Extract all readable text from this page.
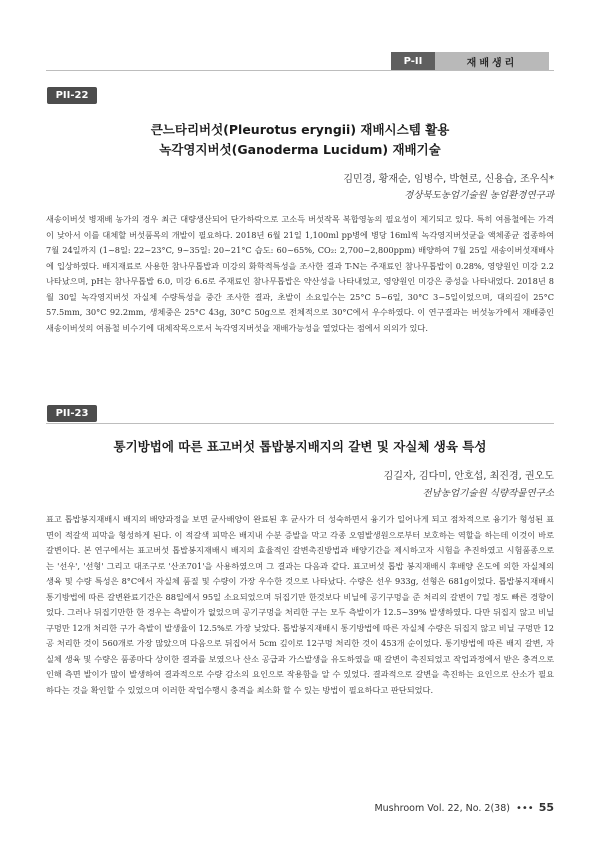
P-II	재배생리
PII-22
큰느타리버섯(Pleurotus eryngii) 재배시스템 활용
녹각영지버섯(Ganoderma Lucidum) 재배기술
김민경, 황재순, 임병수, 박현로, 신용습, 조우식*
경상북도농업기술원 농업환경연구과

새송이버섯 병재배 농가의 경우 최근 대량생산되어 단가하락으로 고소득 버섯작목 복합영농의 필요성이 제기되고 있다. 특히 여름철에는 가격이 낮아서 이를 대체할 버섯품목의 개발이 필요하다. 2018년 6월 21일 1,100ml pp병에 병당 16ml씩 녹각영지버섯균을 액체종균 접종하여 7월 24일까지 (1~8일: 22~23°C, 9~35일: 20~21°C 습도: 60~65%, CO₂: 2,700~2,800ppm) 배양하여 7월 25일 새송이버섯재배사에 입상하였다. 배지재료로 사용한 참나무톱밥과 미강의 화학적특성을 조사한 결과 T-N는 주재료인 참나무톱밥이 0.28%, 영양원인 미강 2.2 나타났으며, pH는 참나무톱밥 6.0, 미강 6.6로 주재료인 참나무톱밥은 약산성을 나타내었고, 영양원인 미강은 중성을 나타내었다. 2018년 8월 30일 녹각영지버섯 자실체 수량특성을 중간 조사한 결과, 초발이 소요일수는 25°C 5~6일, 30°C 3~5일이었으며, 대의길이 25°C 57.5mm, 30°C 92.2mm, 생체중은 25°C 43g, 30°C 50g으로 전체적으로 30°C에서 우수하였다. 이 연구결과는 버섯농가에서 재배중인 새송이버섯의 여름철 비수기에 대체작목으로서 녹각영지버섯을 재배가능성을 열었다는 점에서 의의가 있다.

PII-23
통기방법에 따른 표고버섯 톱밥봉지배지의 갈변 및 자실체 생육 특성
김길자, 김다미, 안호섭, 최진경, 권오도
전남농업기술원 식량작물연구소

표고 톱밥봉지재배시 배지의 배양과정을 보면 균사배양이 완료된 후 균사가 더 성숙하면서 융기가 일어나게 되고 점차적으로 융기가 형성된 표면이 적갈색 피막을 형성하게 된다. 이 적갈색 피막은 배지내 수분 증발을 막고 각종 오염발생원으로부터 보호하는 역할을 하는데 이것이 바로 갈변이다. 본 연구에서는 표고버섯 톱밥봉지재배시 배지의 효율적인 갈변촉진방법과 배양기간을 제시하고자 시험을 추진하였고 시험품종으로는 '선우', '선형' 그리고 대조구로 '산조701'을 사용하였으며 그 결과는 다음과 같다. 표고버섯 톱밥 봉지재배시 후배양 온도에 의한 자실체의 생육 및 수량 특성은 8°C에서 자실체 품질 및 수량이 가장 우수한 것으로 나타났다. 수량은 선우 933g, 선형은 681g이었다. 톱밥봉지재배시 통기방법에 따른 갈변완료기간은 88일에서 95일 소요되었으며 뒤집기만 한것보다 비닐에 공기구멍을 준 처리의 갈변이 7일 정도 빠른 경향이었다. 그러나 뒤집기만한 한 경우는 측발이가 없었으며 공기구멍을 처리한 구는 모두 측발이가 12.5~39% 발생하였다. 다만 뒤집지 않고 비닐 구멍만 12개 처리한 구가 측발이 발생율이 12.5%로 가장 낮았다. 톱밥봉지재배시 통기방법에 따른 자실체 수량은 뒤집지 않고 비닐 구멍만 12공 처리한 것이 560개로 가장 많았으며 다음으로 뒤집어서 5cm 깊이로 12구멍 처리한 것이 453개 순이었다. 통기방법에 따른 배지 갈변, 자실체 생육 및 수량은 품종마다 상이한 결과를 보였으나 산소 공급과 가스발생을 유도하였을 때 갈변이 촉진되었고 작업과정에서 받은 충격으로 인해 측면 발이가 많이 발생하여 결과적으로 수량 감소의 요인으로 작용함을 알 수 있었다. 결과적으로 갈변을 촉진하는 요인으로 산소가 필요하다는 것을 확인할 수 있었으며 이러한 작업수행시 충격을 최소화 할 수 있는 방법이 필요하다고 판단되었다.

Mushroom Vol. 22, No. 2(38) ••• 55
